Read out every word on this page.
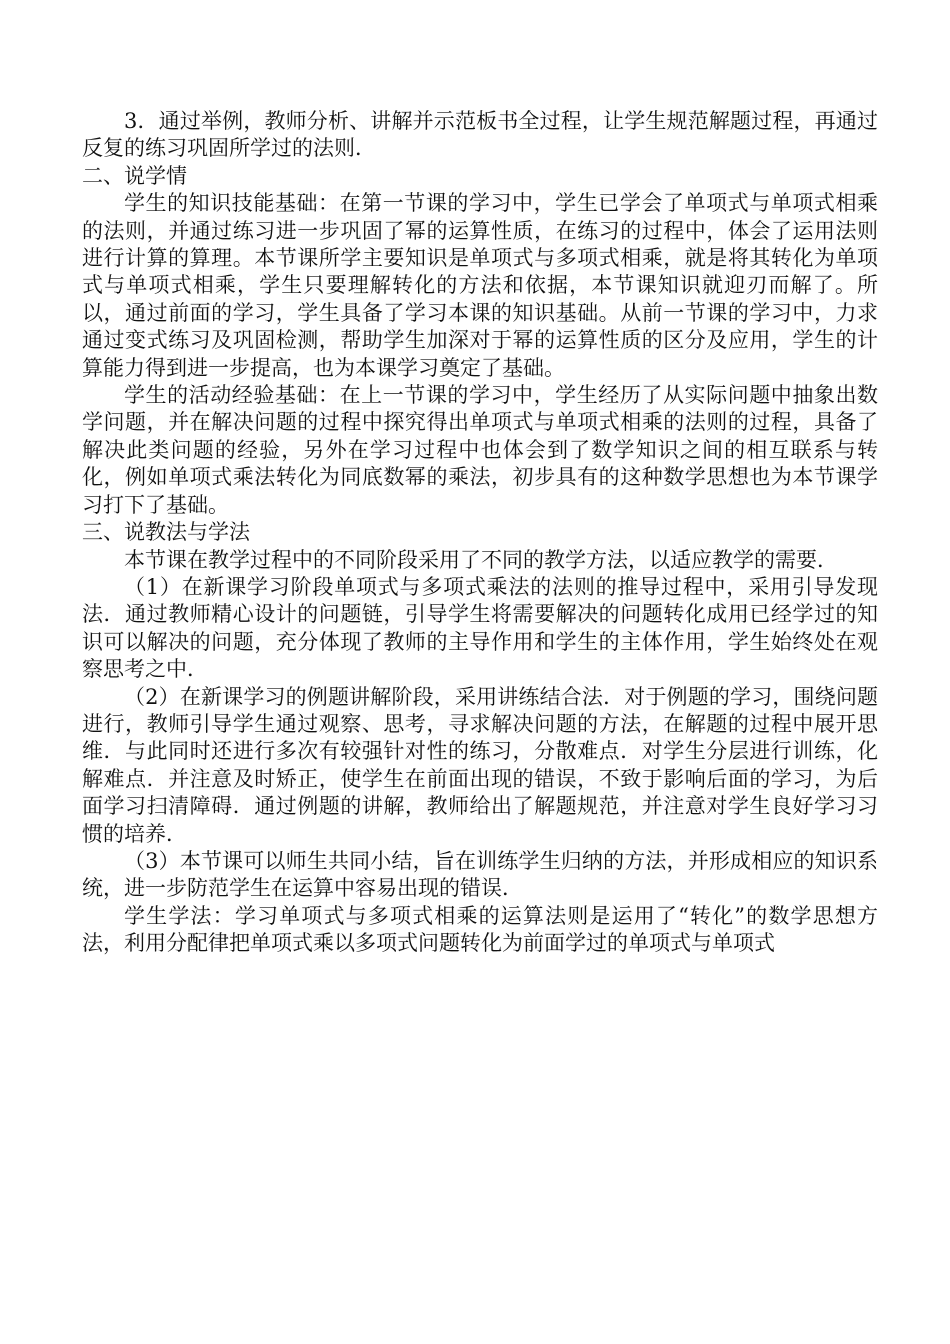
3．通过举例，教师分析、讲解并示范板书全过程，让学生规范解题过程，再通过反复的练习巩固所学过的法则．

二、说学情

学生的知识技能基础：在第一节课的学习中，学生已学会了单项式与单项式相乘的法则，并通过练习进一步巩固了幂的运算性质，在练习的过程中，体会了运用法则进行计算的算理。本节课所学主要知识是单项式与多项式相乘，就是将其转化为单项式与单项式相乘，学生只要理解转化的方法和依据，本节课知识就迎刃而解了。所以，通过前面的学习，学生具备了学习本课的知识基础。从前一节课的学习中，力求通过变式练习及巩固检测，帮助学生加深对于幂的运算性质的区分及应用，学生的计算能力得到进一步提高，也为本课学习奠定了基础。

学生的活动经验基础：在上一节课的学习中，学生经历了从实际问题中抽象出数学问题，并在解决问题的过程中探究得出单项式与单项式相乘的法则的过程，具备了解决此类问题的经验，另外在学习过程中也体会到了数学知识之间的相互联系与转化，例如单项式乘法转化为同底数幂的乘法，初步具有的这种数学思想也为本节课学习打下了基础。

三、说教法与学法

本节课在教学过程中的不同阶段采用了不同的教学方法，以适应教学的需要．

（1）在新课学习阶段单项式与多项式乘法的法则的推导过程中，采用引导发现法．通过教师精心设计的问题链，引导学生将需要解决的问题转化成用已经学过的知识可以解决的问题，充分体现了教师的主导作用和学生的主体作用，学生始终处在观察思考之中．

（2）在新课学习的例题讲解阶段，采用讲练结合法．对于例题的学习，围绕问题进行，教师引导学生通过观察、思考，寻求解决问题的方法，在解题的过程中展开思维．与此同时还进行多次有较强针对性的练习，分散难点．对学生分层进行训练，化解难点．并注意及时矫正，使学生在前面出现的错误，不致于影响后面的学习，为后面学习扫清障碍．通过例题的讲解，教师给出了解题规范，并注意对学生良好学习习惯的培养．

（3）本节课可以师生共同小结，旨在训练学生归纳的方法，并形成相应的知识系统，进一步防范学生在运算中容易出现的错误．

学生学法：学习单项式与多项式相乘的运算法则是运用了“转化”的数学思想方法，利用分配律把单项式乘以多项式问题转化为前面学过的单项式与单项式
